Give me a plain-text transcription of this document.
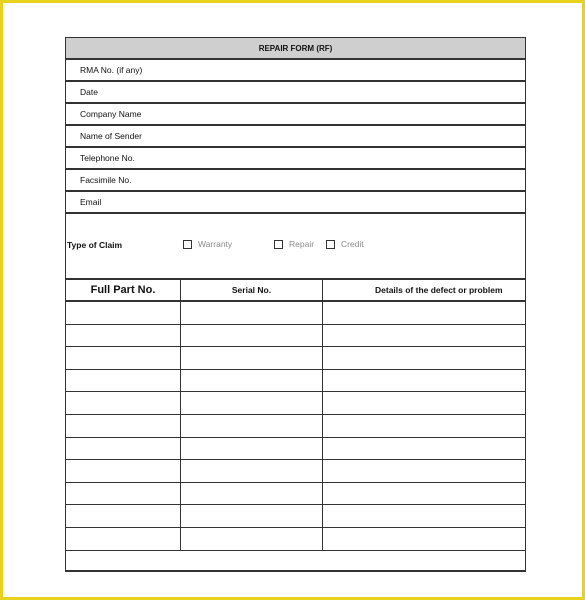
REPAIR FORM (RF)
RMA No. (if any)
Date
Company Name
Name of Sender
Telephone No.
Facsimile No.
Email
Type of Claim	Warranty	Repair	Credit
Full Part No.	Serial No.	Details of the defect or problem
